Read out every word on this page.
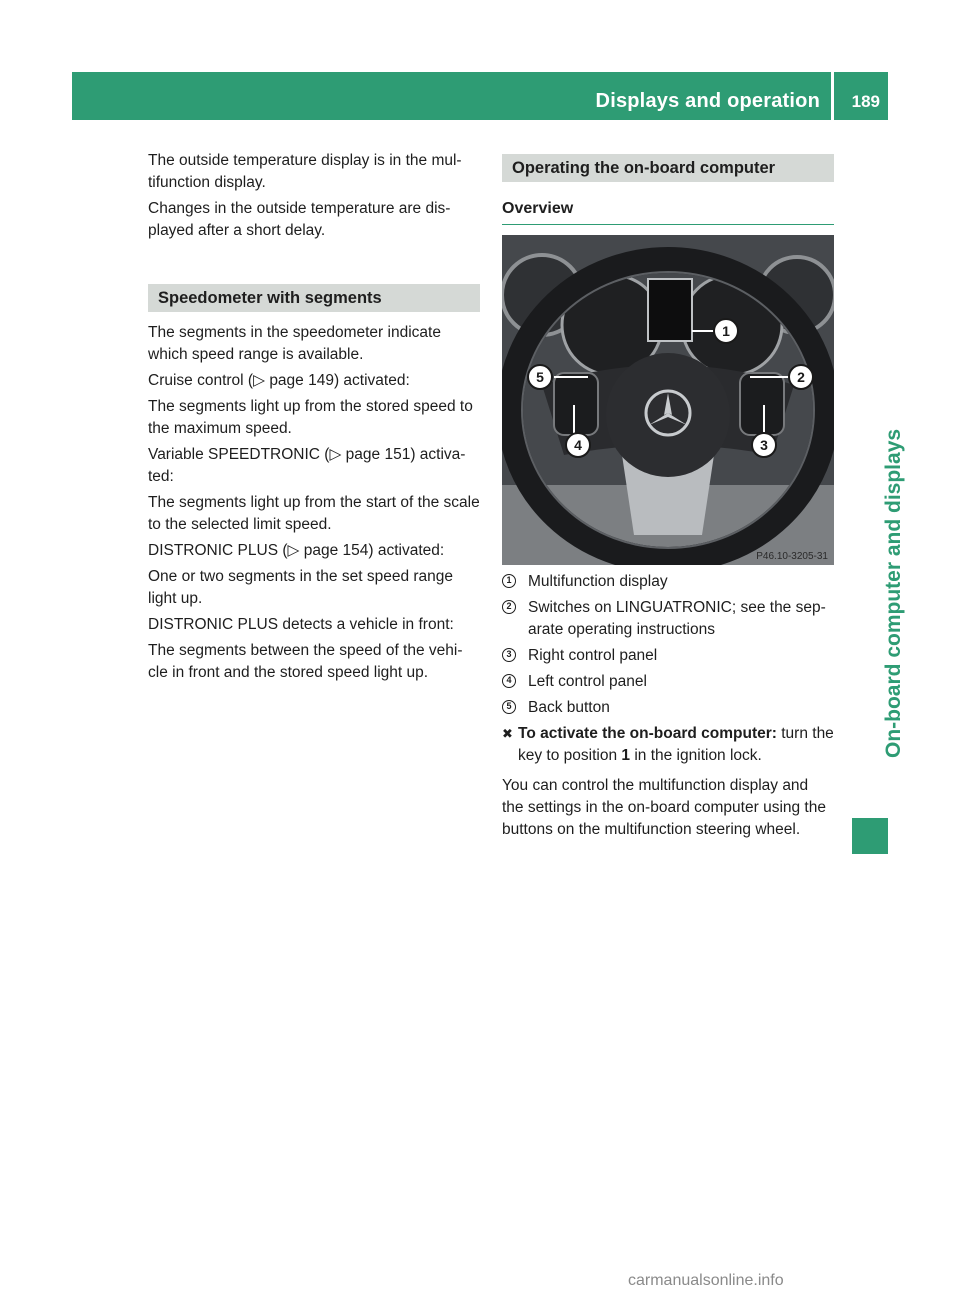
Displays and operation 189
On-board computer and displays

The outside temperature display is in the mul-tifunction display.

Changes in the outside temperature are dis-played after a short delay.

Speedometer with segments

The segments in the speedometer indicate which speed range is available.

Cruise control (▷ page 149) activated:

The segments light up from the stored speed to the maximum speed.

Variable SPEEDTRONIC (▷ page 151) activa-ted:

The segments light up from the start of the scale to the selected limit speed.

DISTRONIC PLUS (▷ page 154) activated:

One or two segments in the set speed range light up.

DISTRONIC PLUS detects a vehicle in front:

The segments between the speed of the vehi-cle in front and the stored speed light up.

Operating the on-board computer
Overview
1
2
3
4
5
P46.10-3205-31
1 Multifunction display
2 Switches on LINGUATRONIC; see the sep-arate operating instructions
3 Right control panel
4 Left control panel
5 Back button
✖ To activate the on-board computer: turn the key to position 1 in the ignition lock.

You can control the multifunction display and the settings in the on-board computer using the buttons on the multifunction steering wheel.

carmanualsonline.info
